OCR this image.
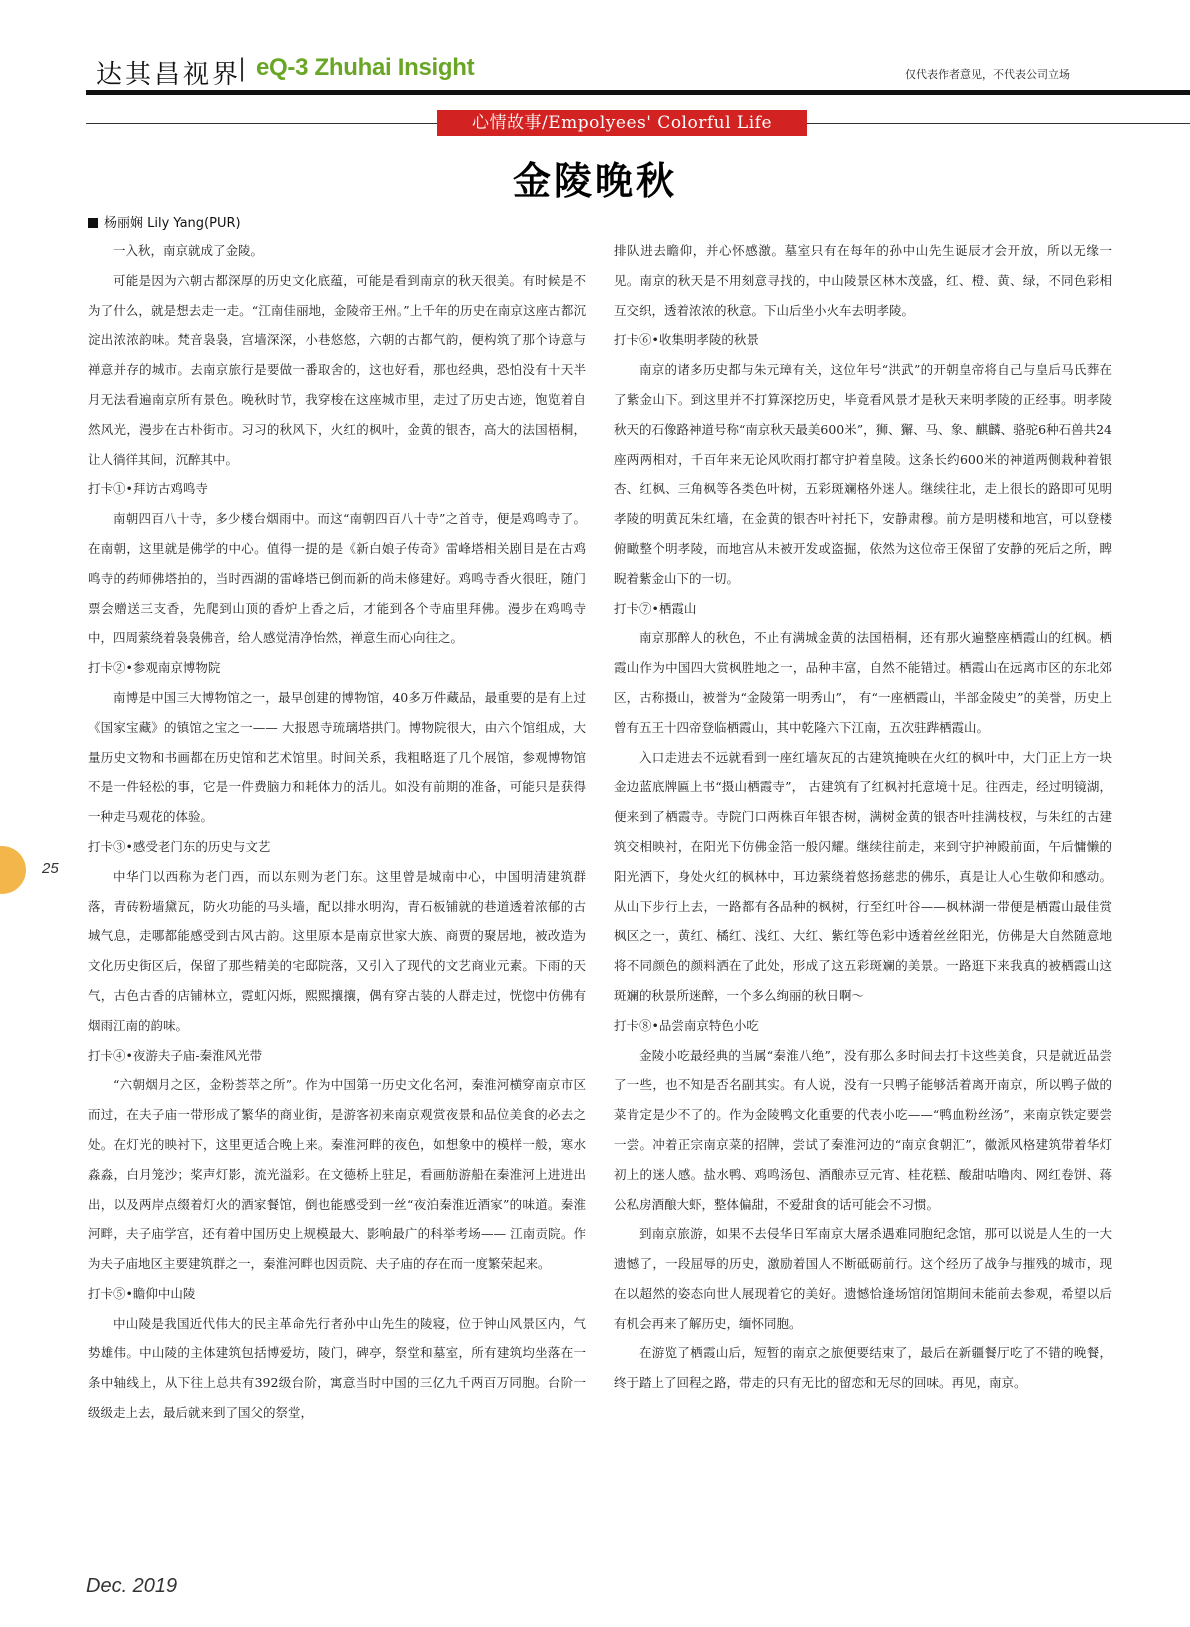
达其昌视界
| eQ-3 Zhuhai Insight	仅代表作者意见，不代表公司立场
心情故事/Empolyees' Colorful Life
金陵晚秋
杨丽娴 Lily Yang(PUR)

一入秋，南京就成了金陵。

可能是因为六朝古都深厚的历史文化底蕴，可能是看到南京的秋天很美。有时候是不为了什么，就是想去走一走。“江南佳丽地，金陵帝王州。”上千年的历史在南京这座古都沉淀出浓浓韵味。梵音袅袅，宫墙深深，小巷悠悠，六朝的古都气韵，便构筑了那个诗意与禅意并存的城市。去南京旅行是要做一番取舍的，这也好看，那也经典，恐怕没有十天半月无法看遍南京所有景色。晚秋时节，我穿梭在这座城市里，走过了历史古迹，饱览着自然风光，漫步在古朴街市。习习的秋风下，火红的枫叶，金黄的银杏，高大的法国梧桐，让人徜徉其间，沉醉其中。

打卡①•拜访古鸡鸣寺

南朝四百八十寺，多少楼台烟雨中。而这“南朝四百八十寺”之首寺，便是鸡鸣寺了。在南朝，这里就是佛学的中心。值得一提的是《新白娘子传奇》雷峰塔相关剧目是在古鸡鸣寺的药师佛塔拍的，当时西湖的雷峰塔已倒而新的尚未修建好。鸡鸣寺香火很旺，随门票会赠送三支香，先爬到山顶的香炉上香之后，才能到各个寺庙里拜佛。漫步在鸡鸣寺中，四周萦绕着袅袅佛音，给人感觉清净怡然，禅意生而心向往之。

打卡②•参观南京博物院

南博是中国三大博物馆之一，最早创建的博物馆，40多万件藏品，最重要的是有上过《国家宝藏》的镇馆之宝之一—— 大报恩寺琉璃塔拱门。博物院很大，由六个馆组成，大量历史文物和书画都在历史馆和艺术馆里。时间关系，我粗略逛了几个展馆，参观博物馆不是一件轻松的事，它是一件费脑力和耗体力的活儿。如没有前期的准备，可能只是获得一种走马观花的体验。

打卡③•感受老门东的历史与文艺

中华门以西称为老门西，而以东则为老门东。这里曾是城南中心，中国明清建筑群落，青砖粉墙黛瓦，防火功能的马头墙，配以排水明沟，青石板铺就的巷道透着浓郁的古城气息，走哪都能感受到古风古韵。这里原本是南京世家大族、商贾的聚居地，被改造为文化历史街区后，保留了那些精美的宅邸院落，又引入了现代的文艺商业元素。下雨的天气，古色古香的店铺林立，霓虹闪烁，熙熙攘攘，偶有穿古装的人群走过，恍惚中仿佛有烟雨江南的韵味。

打卡④•夜游夫子庙-秦淮风光带

“六朝烟月之区，金粉荟萃之所”。作为中国第一历史文化名河，秦淮河横穿南京市区而过，在夫子庙一带形成了繁华的商业街，是游客初来南京观赏夜景和品位美食的必去之处。在灯光的映衬下，这里更适合晚上来。秦淮河畔的夜色，如想象中的模样一般，寒水淼淼，白月笼沙；桨声灯影，流光溢彩。在文德桥上驻足，看画舫游船在秦淮河上进进出出，以及两岸点缀着灯火的酒家餐馆，倒也能感受到一丝“夜泊秦淮近酒家”的味道。秦淮河畔，夫子庙学宫，还有着中国历史上规模最大、影响最广的科举考场—— 江南贡院。作为夫子庙地区主要建筑群之一，秦淮河畔也因贡院、夫子庙的存在而一度繁荣起来。

打卡⑤•瞻仰中山陵

中山陵是我国近代伟大的民主革命先行者孙中山先生的陵寝，位于钟山风景区内，气势雄伟。中山陵的主体建筑包括博爱坊，陵门，碑亭，祭堂和墓室，所有建筑均坐落在一条中轴线上，从下往上总共有392级台阶，寓意当时中国的三亿九千两百万同胞。台阶一级级走上去，最后就来到了国父的祭堂，

排队进去瞻仰，并心怀感激。墓室只有在每年的孙中山先生诞辰才会开放，所以无缘一见。南京的秋天是不用刻意寻找的，中山陵景区林木茂盛，红、橙、黄、绿，不同色彩相互交织，透着浓浓的秋意。下山后坐小火车去明孝陵。

打卡⑥•收集明孝陵的秋景

南京的诸多历史都与朱元璋有关，这位年号“洪武”的开朝皇帝将自己与皇后马氏葬在了紫金山下。到这里并不打算深挖历史，毕竟看风景才是秋天来明孝陵的正经事。明孝陵秋天的石像路神道号称“南京秋天最美600米”，狮、獬、马、象、麒麟、骆驼6种石兽共24座两两相对，千百年来无论风吹雨打都守护着皇陵。这条长约600米的神道两侧栽种着银杏、红枫、三角枫等各类色叶树，五彩斑斓格外迷人。继续往北，走上很长的路即可见明孝陵的明黄瓦朱红墙，在金黄的银杏叶衬托下，安静肃穆。前方是明楼和地宫，可以登楼俯瞰整个明孝陵，而地宫从未被开发或盗掘，依然为这位帝王保留了安静的死后之所，睥睨着紫金山下的一切。

打卡⑦•栖霞山

南京那醉人的秋色，不止有满城金黄的法国梧桐，还有那火遍整座栖霞山的红枫。栖霞山作为中国四大赏枫胜地之一，品种丰富，自然不能错过。栖霞山在远离市区的东北郊区，古称摄山，被誉为“金陵第一明秀山”， 有“一座栖霞山，半部金陵史”的美誉，历史上曾有五王十四帝登临栖霞山，其中乾隆六下江南，五次驻跸栖霞山。

入口走进去不远就看到一座红墙灰瓦的古建筑掩映在火红的枫叶中，大门正上方一块金边蓝底牌匾上书“摄山栖霞寺”， 古建筑有了红枫衬托意境十足。往西走，经过明镜湖，便来到了栖霞寺。寺院门口两株百年银杏树，满树金黄的银杏叶挂满枝杈，与朱红的古建筑交相映衬，在阳光下仿佛金箔一般闪耀。继续往前走，来到守护神殿前面，午后慵懒的阳光洒下，身处火红的枫林中，耳边萦绕着悠扬慈悲的佛乐，真是让人心生敬仰和感动。从山下步行上去，一路都有各品种的枫树，行至红叶谷——枫林湖一带便是栖霞山最佳赏枫区之一，黄红、橘红、浅红、大红、紫红等色彩中透着丝丝阳光，仿佛是大自然随意地将不同颜色的颜料洒在了此处，形成了这五彩斑斓的美景。一路逛下来我真的被栖霞山这斑斓的秋景所迷醉，一个多么绚丽的秋日啊～

打卡⑧•品尝南京特色小吃

金陵小吃最经典的当属“秦淮八绝”，没有那么多时间去打卡这些美食，只是就近品尝了一些，也不知是否名副其实。有人说，没有一只鸭子能够活着离开南京，所以鸭子做的菜肯定是少不了的。作为金陵鸭文化重要的代表小吃——“鸭血粉丝汤”，来南京铁定要尝一尝。冲着正宗南京菜的招牌，尝试了秦淮河边的“南京食朝汇”，徽派风格建筑带着华灯初上的迷人感。盐水鸭、鸡鸣汤包、酒酿赤豆元宵、桂花糕、酸甜咕噜肉、网红卷饼、蒋公私房酒酿大虾，整体偏甜，不爱甜食的话可能会不习惯。

到南京旅游，如果不去侵华日军南京大屠杀遇难同胞纪念馆，那可以说是人生的一大遗憾了，一段屈辱的历史，激励着国人不断砥砺前行。这个经历了战争与摧残的城市，现在以超然的姿态向世人展现着它的美好。遗憾恰逢场馆闭馆期间未能前去参观，希望以后有机会再来了解历史，缅怀同胞。

在游览了栖霞山后，短暂的南京之旅便要结束了，最后在新疆餐厅吃了不错的晚餐，终于踏上了回程之路，带走的只有无比的留恋和无尽的回味。再见，南京。

25
Dec. 2019
